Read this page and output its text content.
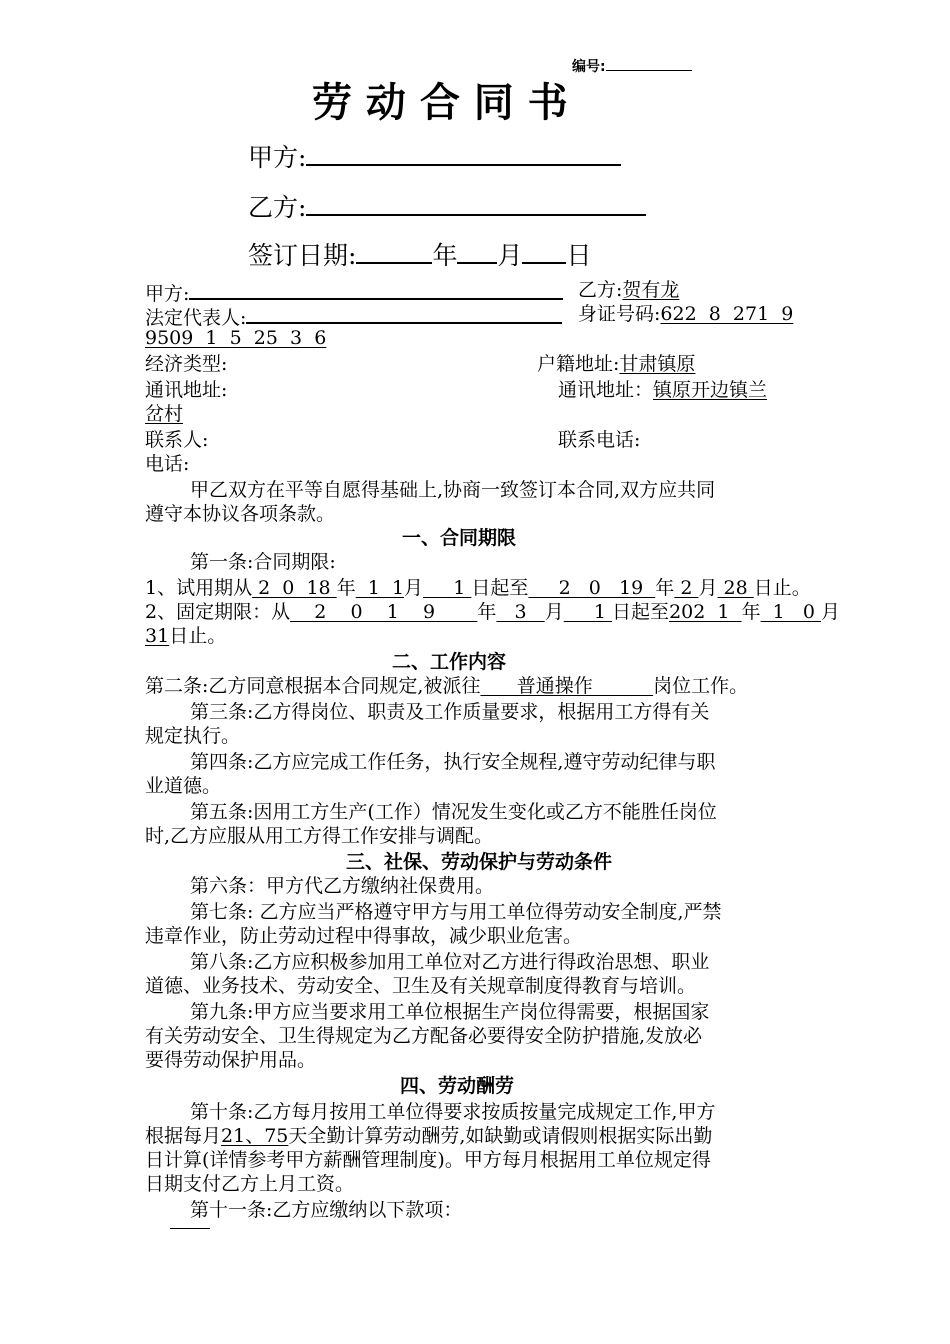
编号:
劳 动 合 同 书
甲方:
乙方:
签订日期:	年 月 日
甲方:	乙方:贺有龙
法定代表人:	身证号码:622  8  271  9
9509  1  5  25  3  6
经济类型:	户籍地址:甘肃镇原
通讯地址:	通讯地址：镇原开边镇兰
岔村
联系人:	联系电话:
电话:
甲乙双方在平等自愿得基础上,协商一致签订本合同,双方应共同
遵守本协议各项条款。
一、合同期限
第一条:合同期限:
1、试用期从 2  0  18 年  1  1月     1 日起至     2   0   19  年 2 月 28 日止。
2、固定期限：从    2    0    1    9       年   3   月     1 日起至202  1  年  1   0 月
31日止。
二、工作内容
第二条:乙方同意根据本合同规定,被派往      普通操作          岗位工作。
第三条:乙方得岗位、职责及工作质量要求，根据用工方得有关
规定执行。
第四条:乙方应完成工作任务，执行安全规程,遵守劳动纪律与职
业道德。
第五条:因用工方生产(工作）情况发生变化或乙方不能胜任岗位
时,乙方应服从用工方得工作安排与调配。
三、社保、劳动保护与劳动条件
第六条：甲方代乙方缴纳社保费用。
第七条: 乙方应当严格遵守甲方与用工单位得劳动安全制度,严禁
违章作业，防止劳动过程中得事故，减少职业危害。
第八条:乙方应积极参加用工单位对乙方进行得政治思想、职业
道德、业务技术、劳动安全、卫生及有关规章制度得教育与培训。
第九条:甲方应当要求用工单位根据生产岗位得需要，根据国家
有关劳动安全、卫生得规定为乙方配备必要得安全防护措施,发放必
要得劳动保护用品。
四、劳动酬劳
第十条:乙方每月按用工单位得要求按质按量完成规定工作,甲方
根据每月21、75天全勤计算劳动酬劳,如缺勤或请假则根据实际出勤
日计算(详情参考甲方薪酬管理制度)。甲方每月根据用工单位规定得
日期支付乙方上月工资。
第十一条:乙方应缴纳以下款项：
